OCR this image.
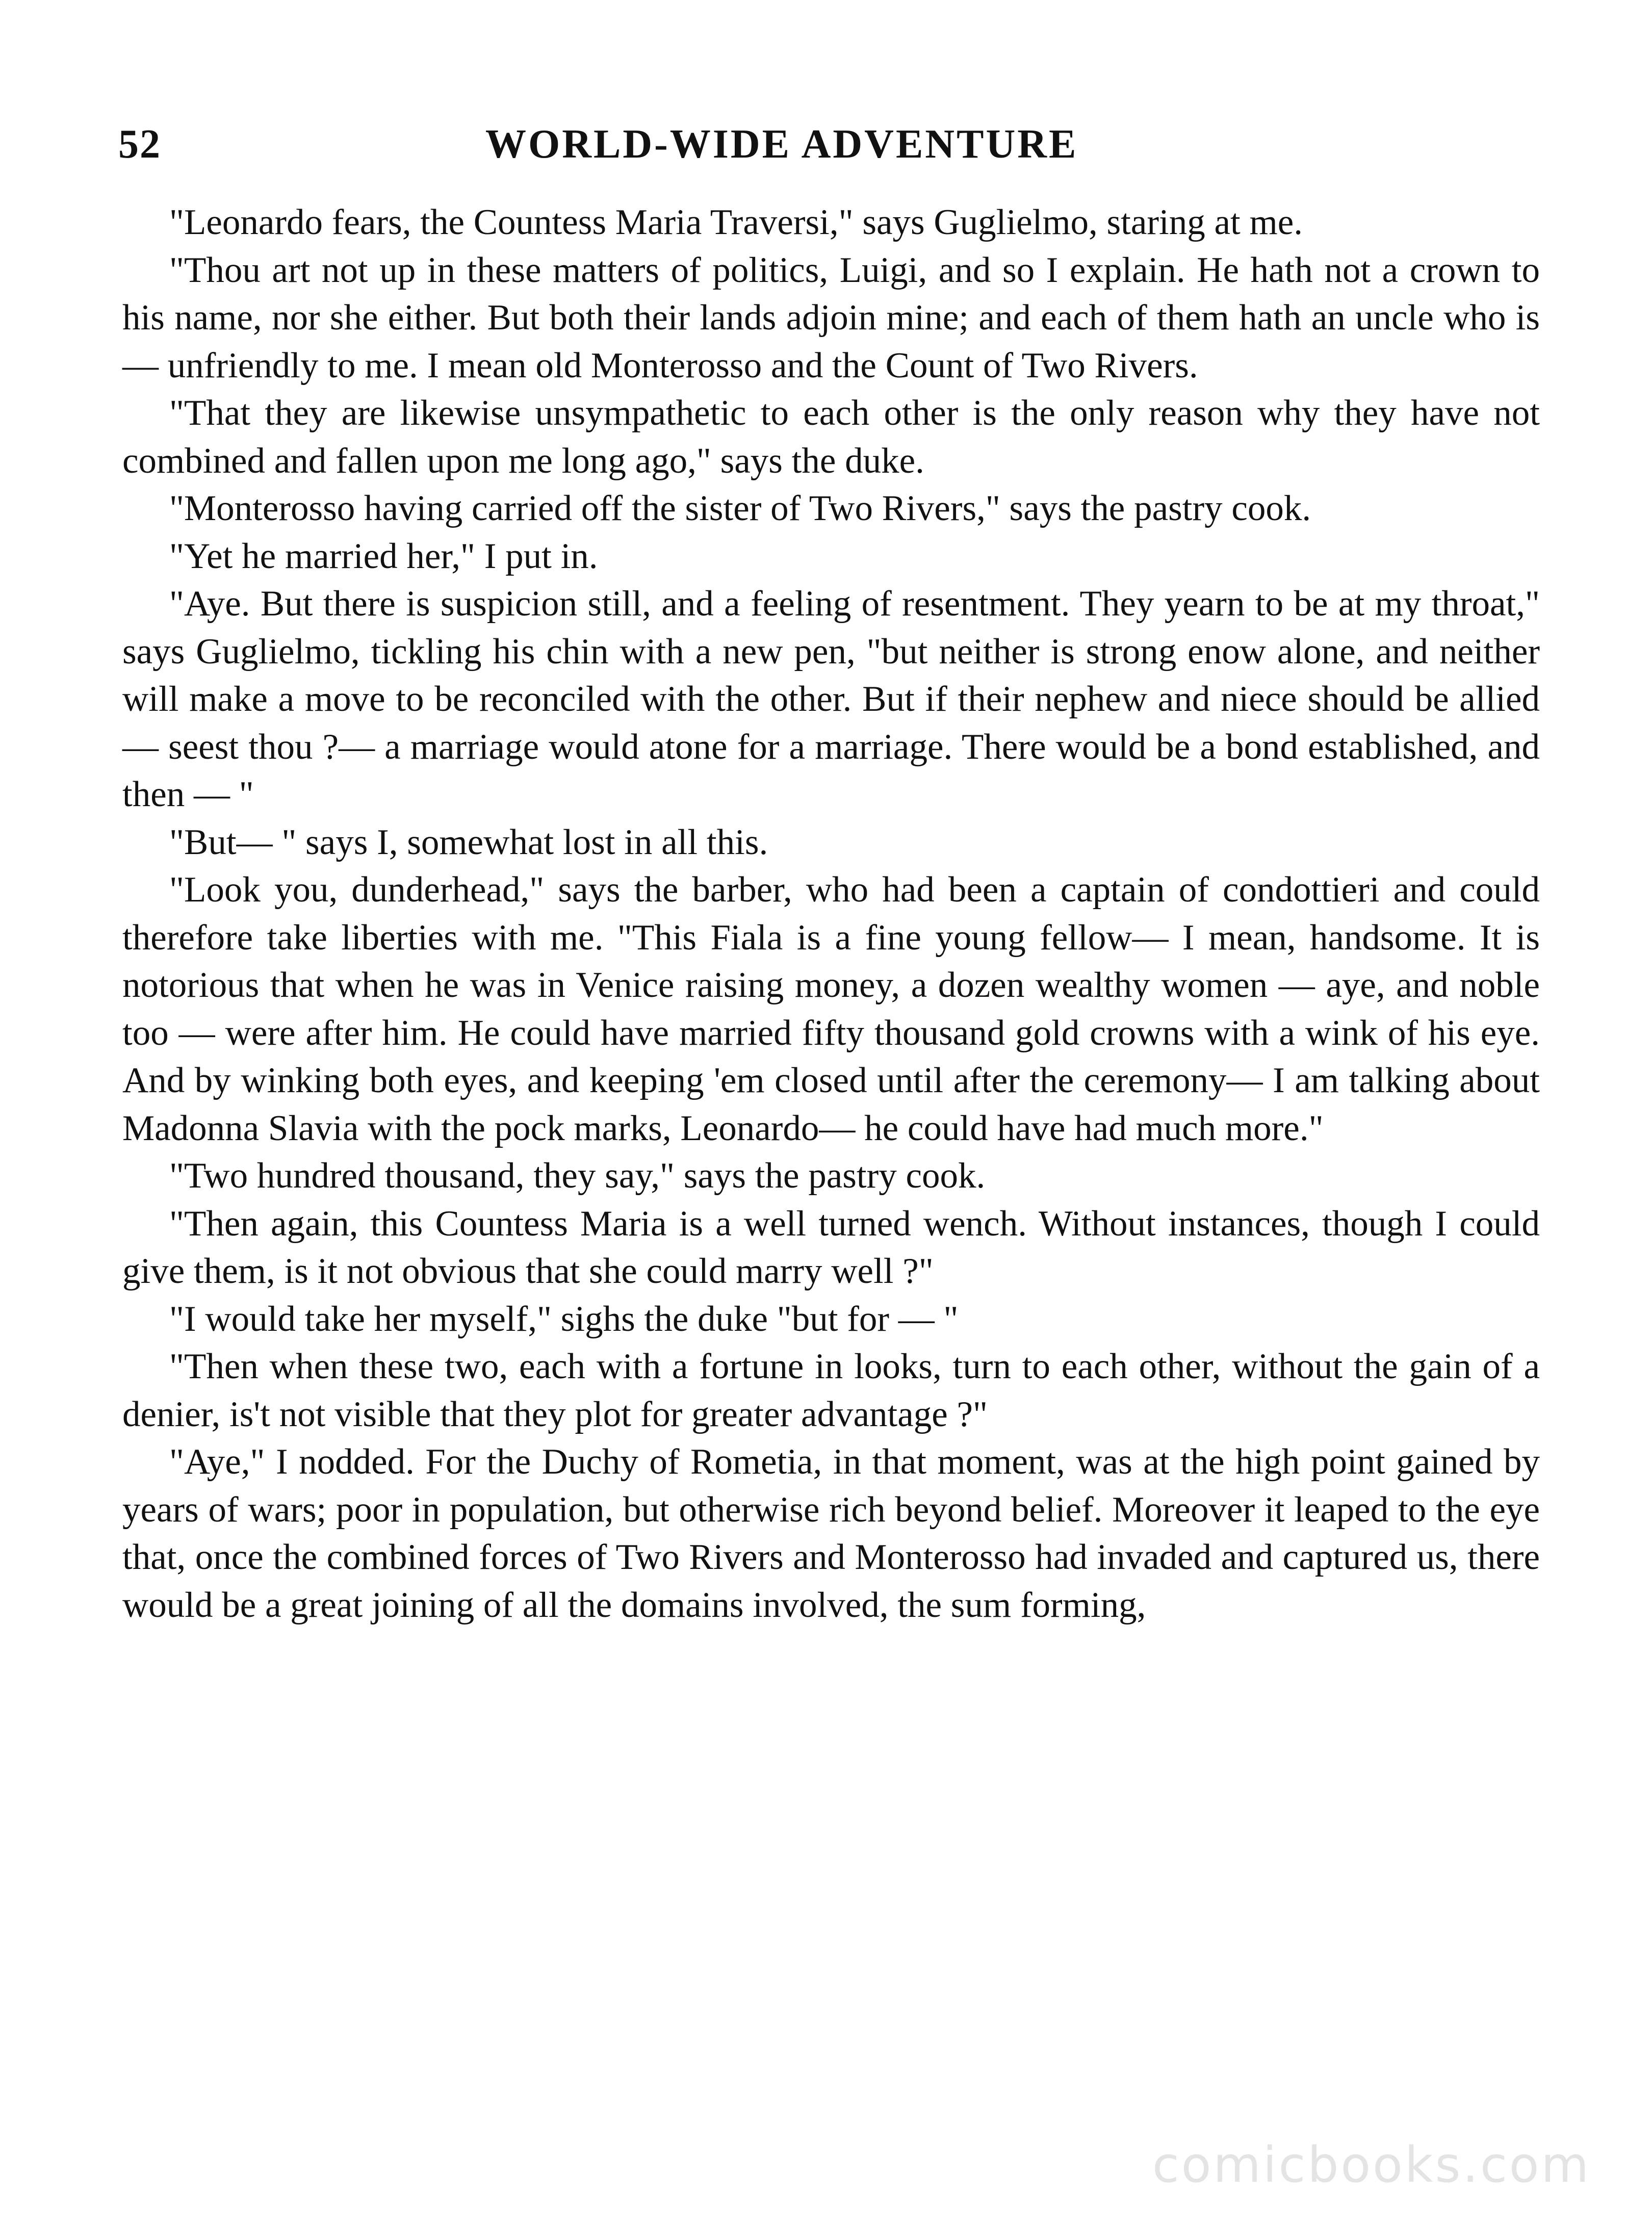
52	WORLD-WIDE ADVENTURE

"Leonardo fears, the Countess Maria Traversi," says Guglielmo, staring at me.

"Thou art not up in these matters of politics, Luigi, and so I explain. He hath not a crown to his name, nor she either. But both their lands adjoin mine; and each of them hath an uncle who is— unfriendly to me. I mean old Monterosso and the Count of Two Rivers.

"That they are likewise unsympathetic to each other is the only reason why they have not combined and fallen upon me long ago," says the duke.

"Monterosso having carried off the sister of Two Rivers," says the pastry cook.

"Yet he married her," I put in.

"Aye. But there is suspicion still, and a feeling of resentment. They yearn to be at my throat," says Guglielmo, tickling his chin with a new pen, "but neither is strong enow alone, and neither will make a move to be reconciled with the other. But if their nephew and niece should be allied— seest thou ?— a marriage would atone for a marriage. There would be a bond established, and then — "

"But— " says I, somewhat lost in all this.

"Look you, dunderhead," says the barber, who had been a captain of condottieri and could therefore take liberties with me. "This Fiala is a fine young fellow— I mean, handsome. It is notorious that when he was in Venice raising money, a dozen wealthy women — aye, and noble too — were after him. He could have married fifty thousand gold crowns with a wink of his eye. And by winking both eyes, and keeping 'em closed until after the ceremony— I am talking about Madonna Slavia with the pock marks, Leonardo— he could have had much more."

"Two hundred thousand, they say," says the pastry cook.

"Then again, this Countess Maria is a well turned wench. Without instances, though I could give them, is it not obvious that she could marry well ?"

"I would take her myself," sighs the duke "but for — "

"Then when these two, each with a fortune in looks, turn to each other, without the gain of a denier, is't not visible that they plot for greater advantage ?"

"Aye," I nodded. For the Duchy of Rometia, in that moment, was at the high point gained by years of wars; poor in population, but otherwise rich beyond belief. Moreover it leaped to the eye that, once the combined forces of Two Rivers and Monterosso had invaded and captured us, there would be a great joining of all the domains involved, the sum forming,

comicbooks.com
